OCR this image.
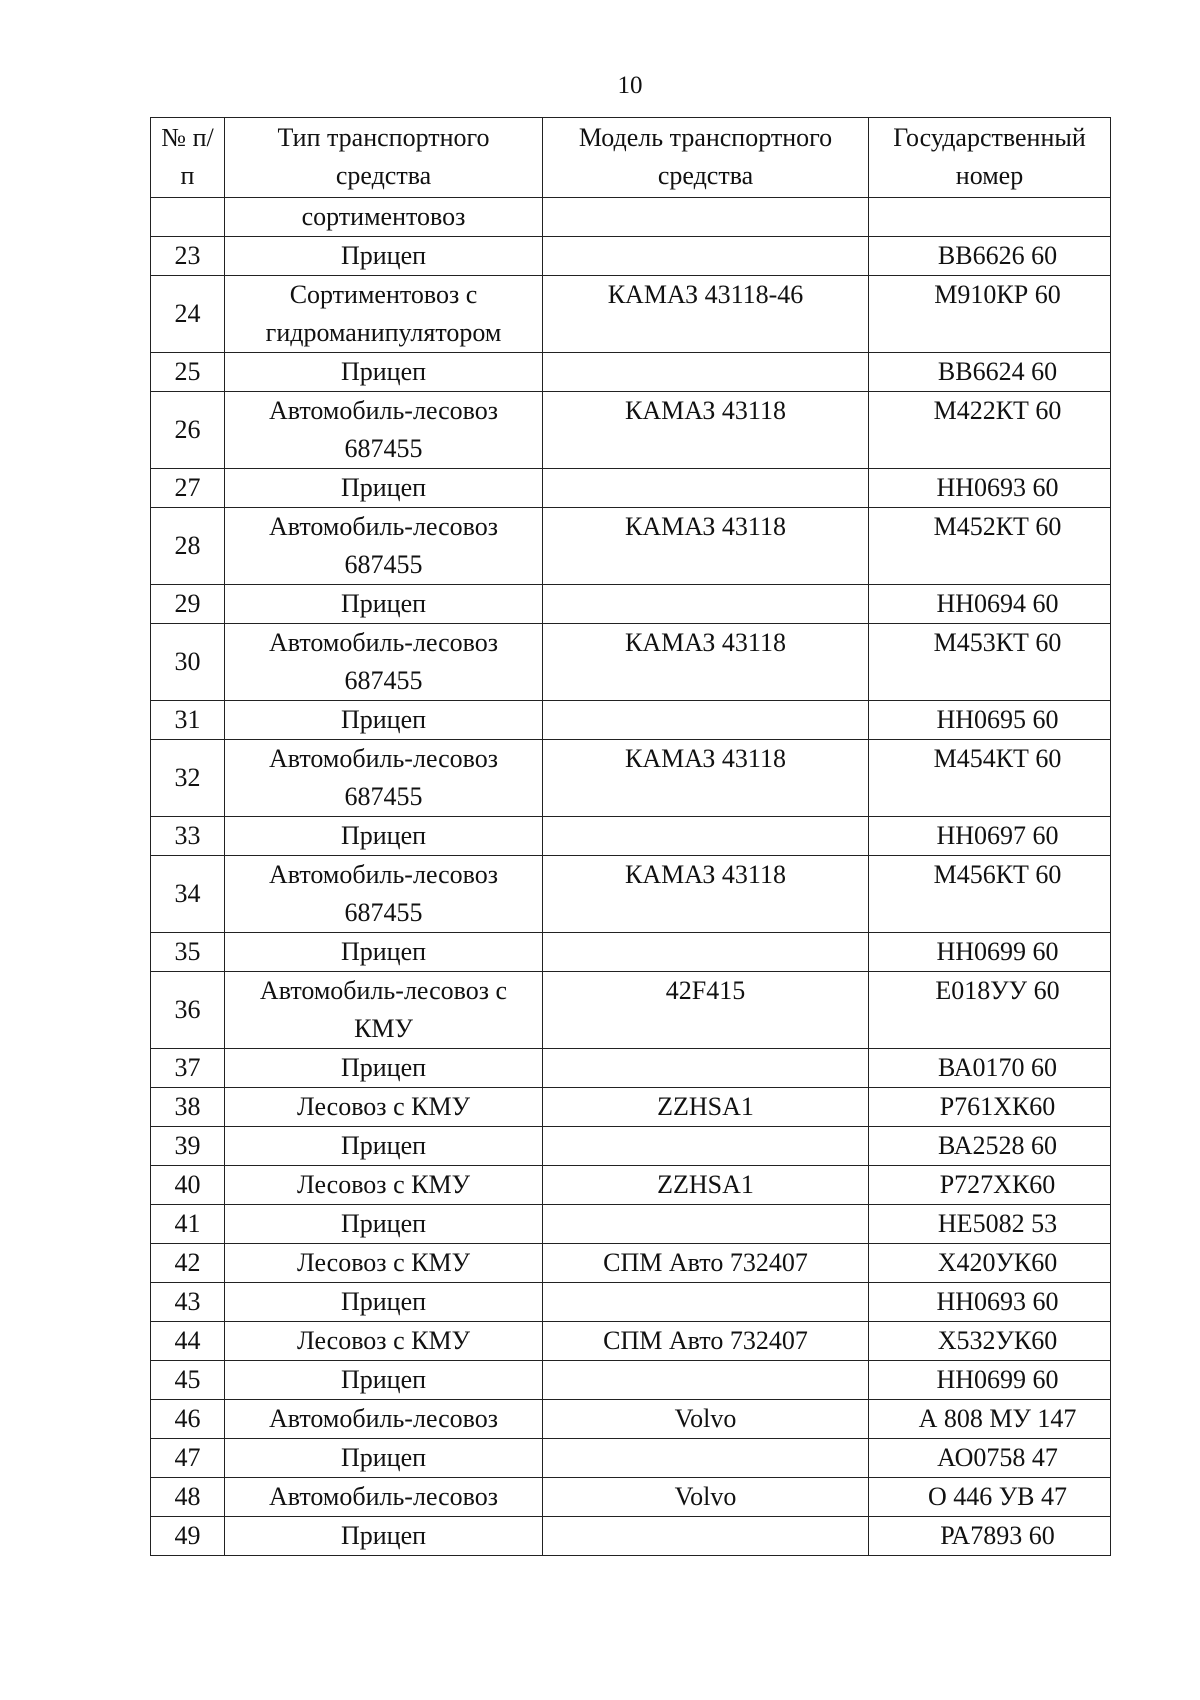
10
№ п/п	Тип транспортного средства	Модель транспортного средства	Государственный номер
	сортиментовоз		
23	Прицеп		ВВ6626 60
24	Сортиментовоз с гидроманипулятором	КАМАЗ 43118-46	М910КР 60
25	Прицеп		ВВ6624 60
26	Автомобиль-лесовоз 687455	КАМАЗ 43118	М422КТ 60
27	Прицеп		НН0693 60
28	Автомобиль-лесовоз 687455	КАМАЗ 43118	М452КТ 60
29	Прицеп		НН0694 60
30	Автомобиль-лесовоз 687455	КАМАЗ 43118	М453КТ 60
31	Прицеп		НН0695 60
32	Автомобиль-лесовоз 687455	КАМАЗ 43118	М454КТ 60
33	Прицеп		НН0697 60
34	Автомобиль-лесовоз 687455	КАМАЗ 43118	М456КТ 60
35	Прицеп		НН0699 60
36	Автомобиль-лесовоз с КМУ	42F415	Е018УУ 60
37	Прицеп		ВА0170 60
38	Лесовоз с КМУ	ZZHSA1	Р761ХК60
39	Прицеп		ВА2528 60
40	Лесовоз с КМУ	ZZHSA1	Р727ХК60
41	Прицеп		НЕ5082 53
42	Лесовоз с КМУ	СПМ Авто 732407	Х420УК60
43	Прицеп		НН0693 60
44	Лесовоз с КМУ	СПМ Авто 732407	Х532УК60
45	Прицеп		НН0699 60
46	Автомобиль-лесовоз	Volvo	А 808 МУ 147
47	Прицеп		АО0758 47
48	Автомобиль-лесовоз	Volvo	О 446 УВ 47
49	Прицеп		РА7893 60
